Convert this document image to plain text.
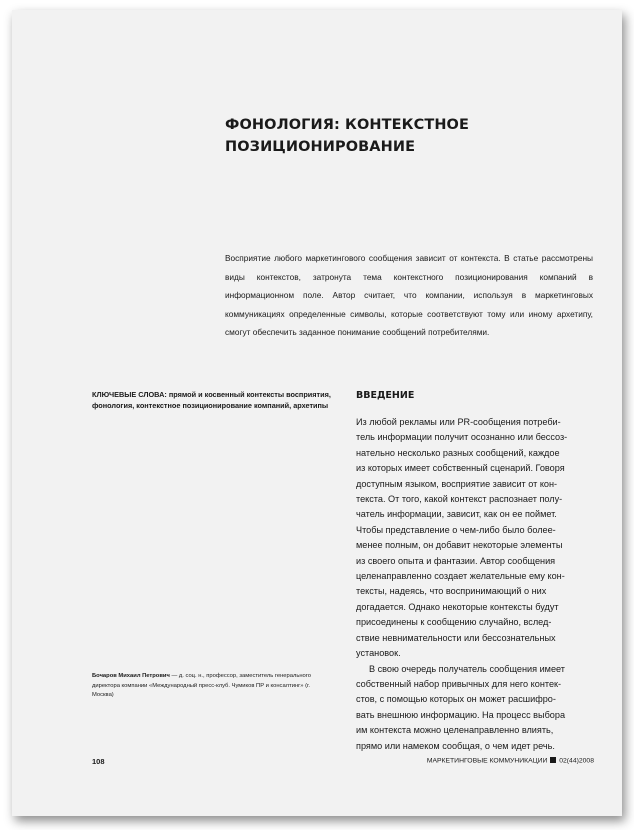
ФОНОЛОГИЯ: КОНТЕКСТНОЕ
ПОЗИЦИОНИРОВАНИЕ

Восприятие любого маркетингового сообщения зависит от контекста. В статье рассмотрены виды контекстов, затронута тема контекстного позиционирования компаний в информационном поле. Автор считает, что компании, используя в маркетинговых коммуникациях определенные символы, которые соответствуют тому или иному архетипу, смогут обеспечить заданное понимание сообщений потребителями.

КЛЮЧЕВЫЕ СЛОВА: прямой и косвенный контексты восприятия, фонология, контекстное позиционирование компаний, архетипы

Бочаров Михаил Петрович — д. соц. н., профессор, заместитель генерального директора компании «Международный пресс-клуб. Чумиков ПР и консалтинг» (г. Москва)

ВВЕДЕНИЕ
Из любой рекламы или PR-сообщения потреби-
тель информации получит осознанно или бессоз-
нательно несколько разных сообщений, каждое
из которых имеет собственный сценарий. Говоря
доступным языком, восприятие зависит от кон-
текста. От того, какой контекст распознает полу-
чатель информации, зависит, как он ее поймет.
Чтобы представление о чем-либо было более-
менее полным, он добавит некоторые элементы
из своего опыта и фантазии. Автор сообщения
целенаправленно создает желательные ему кон-
тексты, надеясь, что воспринимающий о них
догадается. Однако некоторые контексты будут
присоединены к сообщению случайно, вслед-
ствие невнимательности или бессознательных
установок.
В свою очередь получатель сообщения имеет
собственный набор привычных для него контек-
стов, с помощью которых он может расшифро-
вать внешнюю информацию. На процесс выбора
им контекста можно целенаправленно влиять,
прямо или намеком сообщая, о чем идет речь.

108	МАРКЕТИНГОВЫЕ КОММУНИКАЦИИ 02(44)2008
